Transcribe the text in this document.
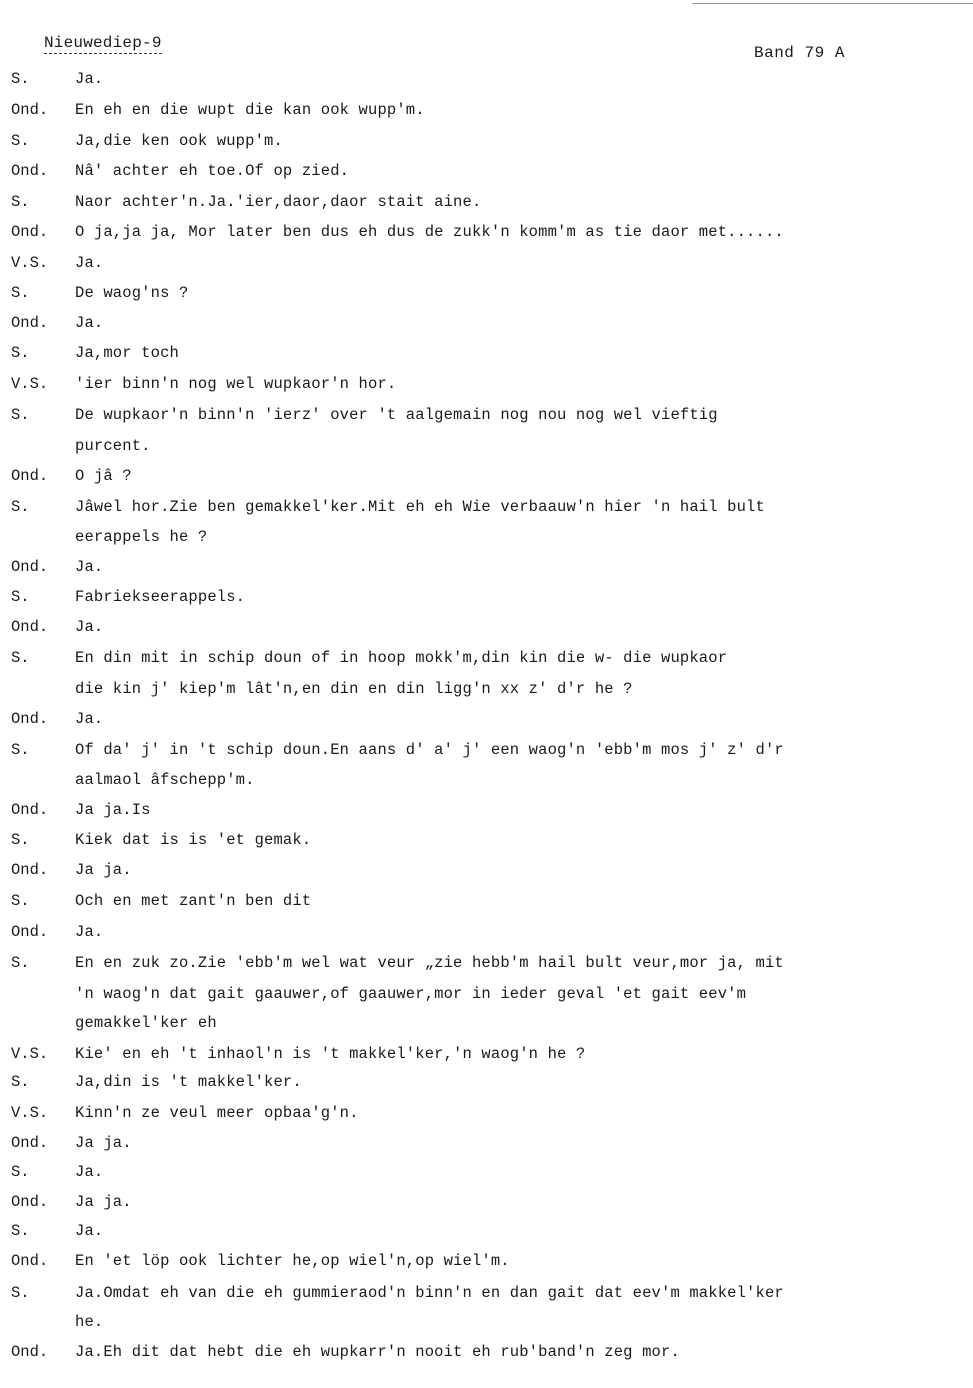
Nieuwediep-9
Band 79 A
S.	Ja.
Ond.	En eh en die wupt die kan ook wupp'm.
S.	Ja,die ken ook wupp'm.
Ond.	Nâ' achter eh toe.Of op zied.
S.	Naor achter'n.Ja.'ier,daor,daor stait aine.
Ond.	O ja,ja ja, Mor later ben dus eh dus de zukk'n komm'm as tie daor met......
V.S.	Ja.
S.	De waog'ns ?
Ond.	Ja.
S.	Ja,mor toch
V.S.	'ier binn'n nog wel wupkaor'n hor.
S.	De wupkaor'n binn'n 'ierz' over 't aalgemain nog nou nog wel vieftig
purcent.
Ond.	O jâ ?
S.	Jâwel hor.Zie ben gemakkel'ker.Mit eh eh Wie verbaauw'n hier 'n hail bult
eerappels he ?
Ond.	Ja.
S.	Fabriekseerappels.
Ond.	Ja.
S.	En din mit in schip doun of in hoop mokk'm,din kin die w- die wupkaor
die kin j' kiep'm lât'n,en din en din ligg'n xx z' d'r he ?
Ond.	Ja.
S.	Of da' j' in 't schip doun.En aans d' a' j' een waog'n 'ebb'm mos j' z' d'r
aalmaol âfschepp'm.
Ond.	Ja ja.Is
S.	Kiek dat is is 'et gemak.
Ond.	Ja ja.
S.	Och en met zant'n ben dit
Ond.	Ja.
S.	En en zuk zo.Zie 'ebb'm wel wat veur „zie hebb'm hail bult veur,mor ja, mit
'n waog'n dat gait gaauwer,of gaauwer,mor in ieder geval 'et gait eev'm
gemakkel'ker eh
V.S.	Kie' en eh 't inhaol'n is 't makkel'ker,'n waog'n he ?
S.	Ja,din is 't makkel'ker.
V.S.	Kinn'n ze veul meer opbaa'g'n.
Ond.	Ja ja.
S.	Ja.
Ond.	Ja ja.
S.	Ja.
Ond.	En 'et löp ook lichter he,op wiel'n,op wiel'm.
S.	Ja.Omdat eh van die eh gummieraod'n binn'n en dan gait dat eev'm makkel'ker
he.
Ond.	Ja.Eh dit dat hebt die eh wupkarr'n nooit eh rub'band'n zeg mor.
